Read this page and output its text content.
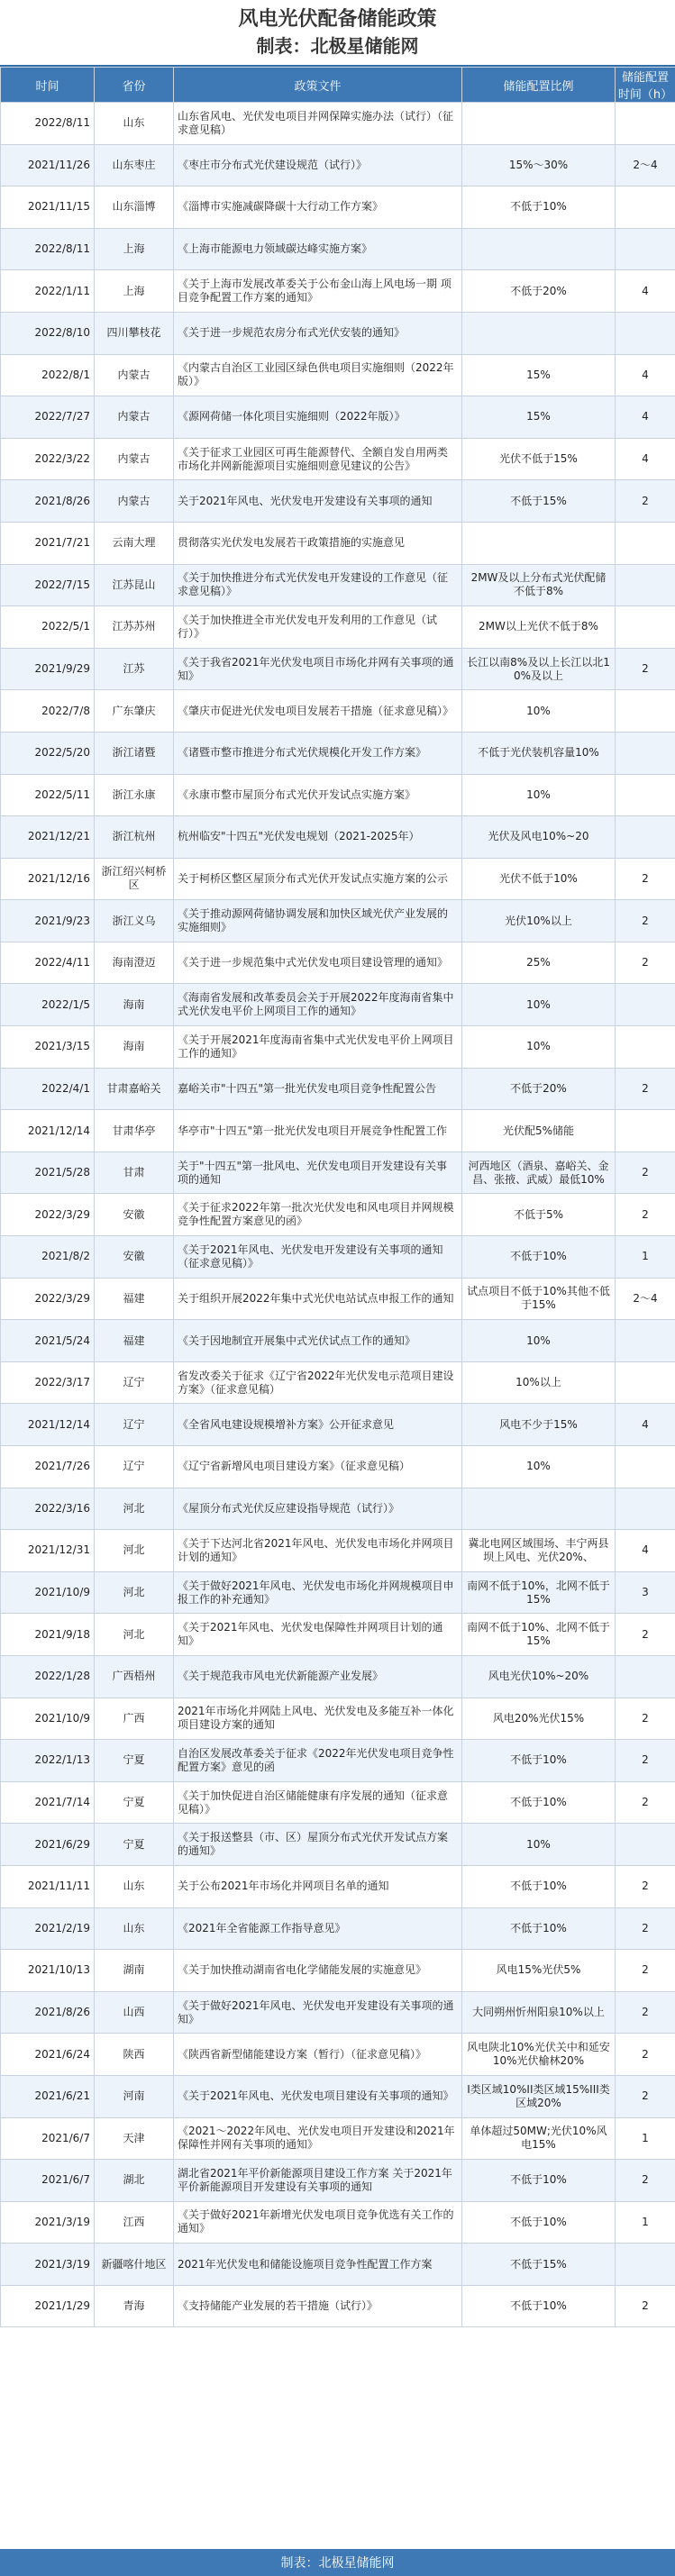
风电光伏配备储能政策
制表：北极星储能网
时间	省份	政策文件	储能配置比例	储能配置时间（h）
2022/8/11	山东	山东省风电、光伏发电项目并网保障实施办法（试行）（征求意见稿）		
2021/11/26	山东枣庄	《枣庄市分布式光伏建设规范（试行）》	15%～30%	2～4
2021/11/15	山东淄博	《淄博市实施减碳降碳十大行动工作方案》	不低于10%	
2022/8/11	上海	《上海市能源电力领域碳达峰实施方案》		
2022/1/11	上海	《关于上海市发展改革委关于公布金山海上风电场一期 项目竞争配置工作方案的通知》	不低于20%	4
2022/8/10	四川攀枝花	《关于进一步规范农房分布式光伏安装的通知》		
2022/8/1	内蒙古	《内蒙古自治区工业园区绿色供电项目实施细则（2022年版）》	15%	4
2022/7/27	内蒙古	《源网荷储一体化项目实施细则（2022年版）》	15%	4
2022/3/22	内蒙古	《关于征求工业园区可再生能源替代、全额自发自用两类市场化并网新能源项目实施细则意见建议的公告》	光伏不低于15%	4
2021/8/26	内蒙古	关于2021年风电、光伏发电开发建设有关事项的通知	不低于15%	2
2021/7/21	云南大理	贯彻落实光伏发电发展若干政策措施的实施意见		
2022/7/15	江苏昆山	《关于加快推进分布式光伏发电开发建设的工作意见（征求意见稿）》	2MW及以上分布式光伏配储不低于8%	
2022/5/1	江苏苏州	《关于加快推进全市光伏发电开发利用的工作意见（试行）》	2MW以上光伏不低于8%	
2021/9/29	江苏	《关于我省2021年光伏发电项目市场化并网有关事项的通知》	长江以南8%及以上长江以北10%及以上	2
2022/7/8	广东肇庆	《肇庆市促进光伏发电项目发展若干措施（征求意见稿）》	10%	
2022/5/20	浙江诸暨	《诸暨市整市推进分布式光伏规模化开发工作方案》	不低于光伏装机容量10%	
2022/5/11	浙江永康	《永康市整市屋顶分布式光伏开发试点实施方案》	10%	
2021/12/21	浙江杭州	杭州临安"十四五"光伏发电规划（2021-2025年）	光伏及风电10%~20	
2021/12/16	浙江绍兴柯桥区	关于柯桥区整区屋顶分布式光伏开发试点实施方案的公示	光伏不低于10%	2
2021/9/23	浙江义乌	《关于推动源网荷储协调发展和加快区域光伏产业发展的实施细则》	光伏10%以上	2
2022/4/11	海南澄迈	《关于进一步规范集中式光伏发电项目建设管理的通知》	25%	2
2022/1/5	海南	《海南省发展和改革委员会关于开展2022年度海南省集中式光伏发电平价上网项目工作的通知》	10%	
2021/3/15	海南	《关于开展2021年度海南省集中式光伏发电平价上网项目工作的通知》	10%	
2022/4/1	甘肃嘉峪关	嘉峪关市"十四五"第一批光伏发电项目竞争性配置公告	不低于20%	2
2021/12/14	甘肃华亭	华亭市"十四五"第一批光伏发电项目开展竞争性配置工作	光伏配5%储能	
2021/5/28	甘肃	关于"十四五"第一批风电、光伏发电项目开发建设有关事项的通知	河西地区（酒泉、嘉峪关、金昌、张掖、武威）最低10%	2
2022/3/29	安徽	《关于征求2022年第一批次光伏发电和风电项目并网规模竞争性配置方案意见的函》	不低于5%	2
2021/8/2	安徽	《关于2021年风电、光伏发电开发建设有关事项的通知（征求意见稿）》	不低于10%	1
2022/3/29	福建	关于组织开展2022年集中式光伏电站试点申报工作的通知	试点项目不低于10%其他不低于15%	2～4
2021/5/24	福建	《关于因地制宜开展集中式光伏试点工作的通知》	10%	
2022/3/17	辽宁	省发改委关于征求《辽宁省2022年光伏发电示范项目建设方案》（征求意见稿）	10%以上	
2021/12/14	辽宁	《全省风电建设规模增补方案》公开征求意见	风电不少于15%	4
2021/7/26	辽宁	《辽宁省新增风电项目建设方案》（征求意见稿）	10%	
2022/3/16	河北	《屋顶分布式光伏反应建设指导规范（试行）》		
2021/12/31	河北	《关于下达河北省2021年风电、光伏发电市场化并网项目计划的通知》	冀北电网区域围场、丰宁两县坝上风电、光伏20%、	4
2021/10/9	河北	《关于做好2021年风电、光伏发电市场化并网规模项目申报工作的补充通知》	南网不低于10%，北网不低于15%	3
2021/9/18	河北	《关于2021年风电、光伏发电保障性并网项目计划的通知》	南网不低于10%、北网不低于15%	2
2022/1/28	广西梧州	《关于规范我市风电光伏新能源产业发展》	风电光伏10%~20%	
2021/10/9	广西	2021年市场化并网陆上风电、光伏发电及多能互补一体化项目建设方案的通知	风电20%光伏15%	2
2022/1/13	宁夏	自治区发展改革委关于征求《2022年光伏发电项目竞争性配置方案》意见的函	不低于10%	2
2021/7/14	宁夏	《关于加快促进自治区储能健康有序发展的通知（征求意见稿）》	不低于10%	2
2021/6/29	宁夏	《关于报送整县（市、区）屋顶分布式光伏开发试点方案的通知》	10%	
2021/11/11	山东	关于公布2021年市场化并网项目名单的通知	不低于10%	2
2021/2/19	山东	《2021年全省能源工作指导意见》	不低于10%	2
2021/10/13	湖南	《关于加快推动湖南省电化学储能发展的实施意见》	风电15%光伏5%	2
2021/8/26	山西	《关于做好2021年风电、光伏发电开发建设有关事项的通知》	大同朔州忻州阳泉10%以上	2
2021/6/24	陕西	《陕西省新型储能建设方案（暂行）（征求意见稿）》	风电陕北10%光伏关中和延安10%光伏榆林20%	2
2021/6/21	河南	《关于2021年风电、光伏发电项目建设有关事项的通知》	I类区域10%II类区域15%III类区域20%	2
2021/6/7	天津	《2021～2022年风电、光伏发电项目开发建设和2021年保障性并网有关事项的通知》	单体超过50MW;光伏10%风电15%	1
2021/6/7	湖北	湖北省2021年平价新能源项目建设工作方案 关于2021年平价新能源项目开发建设有关事项的通知	不低于10%	2
2021/3/19	江西	《关于做好2021年新增光伏发电项目竞争优选有关工作的通知》	不低于10%	1
2021/3/19	新疆喀什地区	2021年光伏发电和储能设施项目竞争性配置工作方案	不低于15%	
2021/1/29	青海	《支持储能产业发展的若干措施（试行）》	不低于10%	2
制表：北极星储能网
